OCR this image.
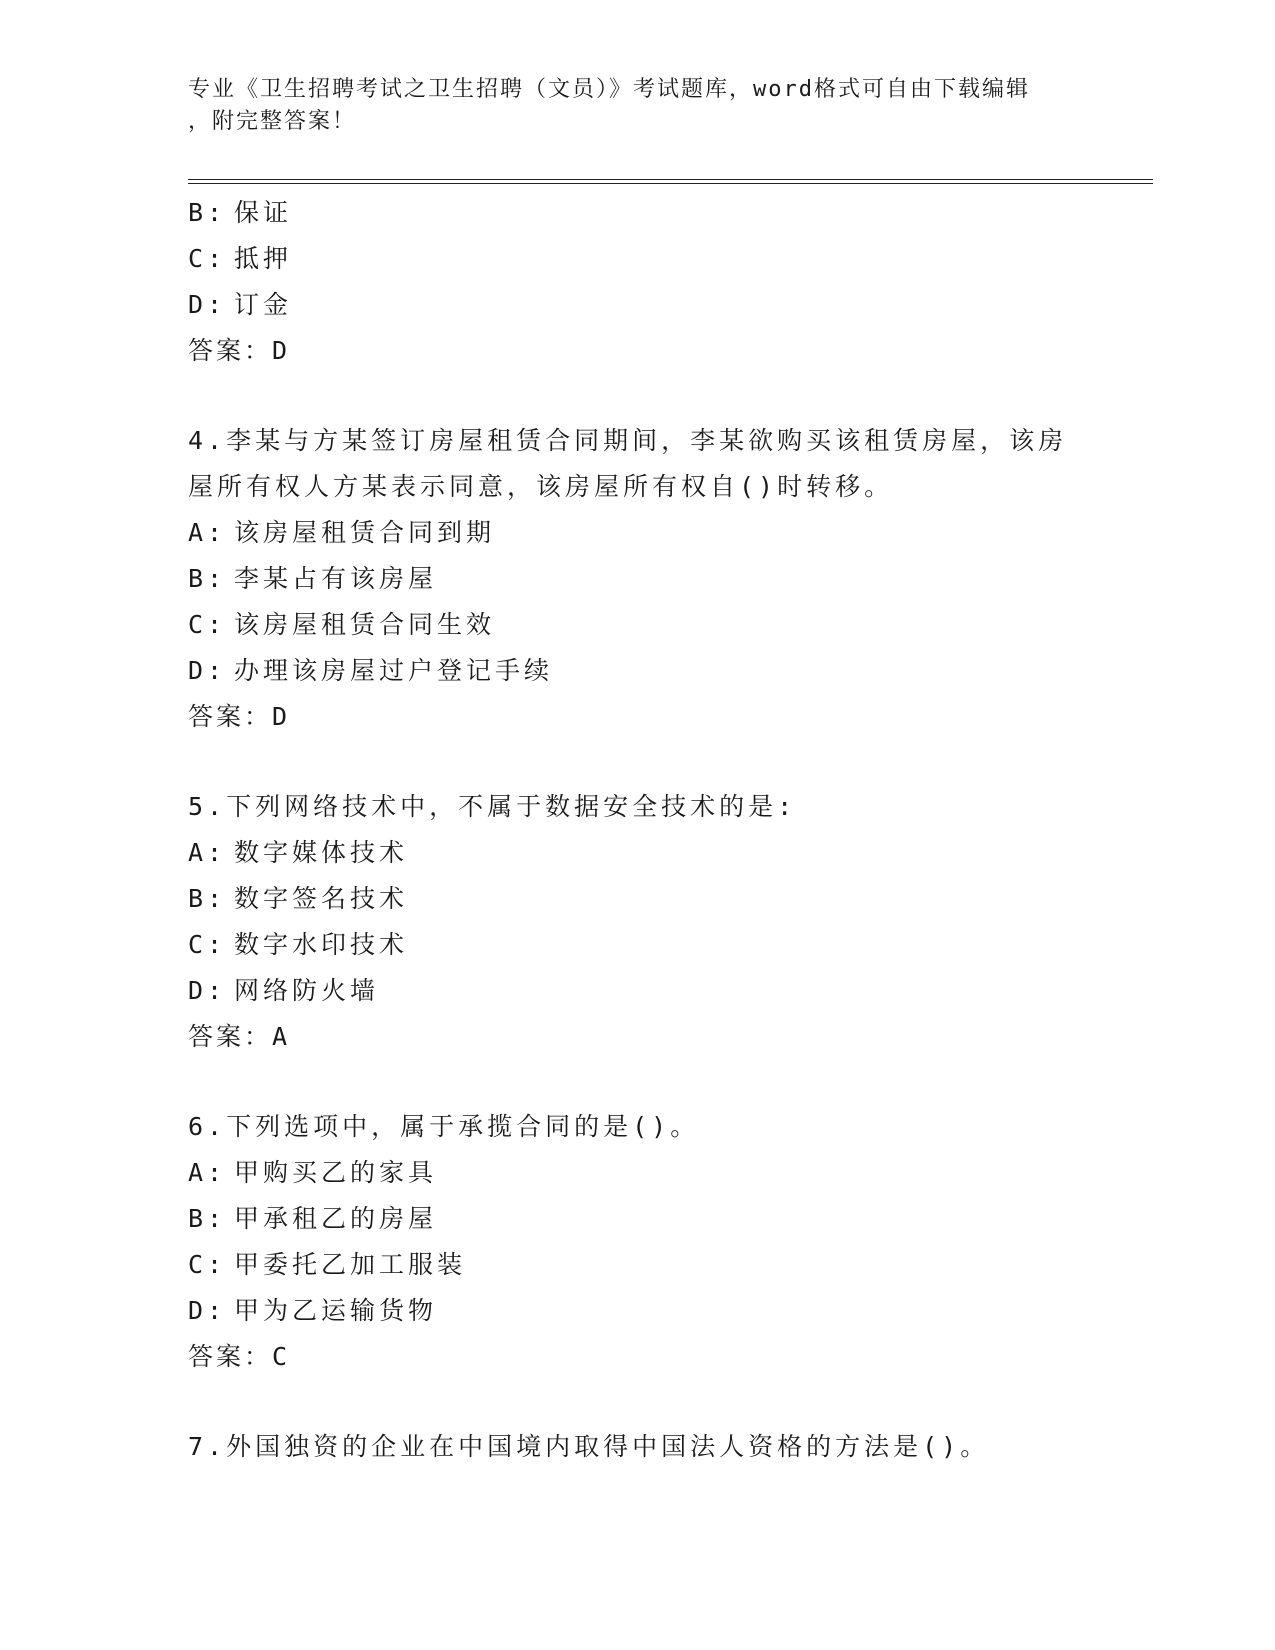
专业《卫生招聘考试之卫生招聘（文员）》考试题库，word格式可自由下载编辑
，附完整答案！
B: 保证
C: 抵押
D: 订金
答案：D
4.李某与方某签订房屋租赁合同期间，李某欲购买该租赁房屋，该房
屋所有权人方某表示同意，该房屋所有权自()时转移。
A: 该房屋租赁合同到期
B: 李某占有该房屋
C: 该房屋租赁合同生效
D: 办理该房屋过户登记手续
答案：D
5.下列网络技术中，不属于数据安全技术的是:
A: 数字媒体技术
B: 数字签名技术
C: 数字水印技术
D: 网络防火墙
答案：A
6.下列选项中，属于承揽合同的是()。
A: 甲购买乙的家具
B: 甲承租乙的房屋
C: 甲委托乙加工服装
D: 甲为乙运输货物
答案：C
7.外国独资的企业在中国境内取得中国法人资格的方法是()。
